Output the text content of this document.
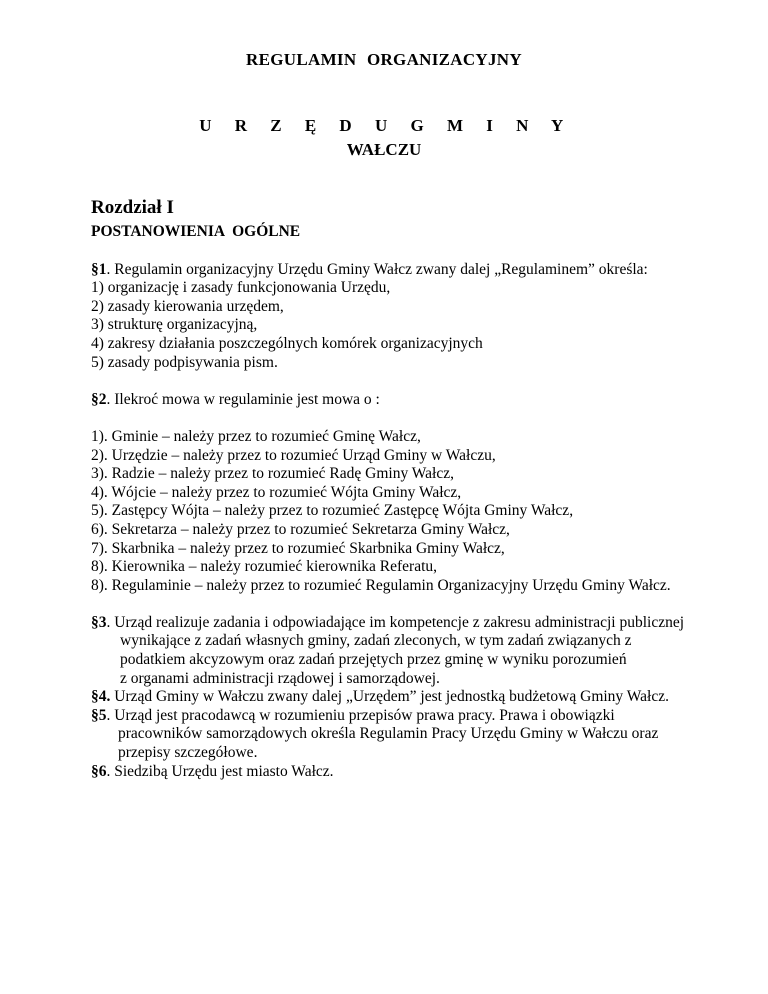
REGULAMIN ORGANIZACYJNY
U R Z Ę D U G M I N Y
WAŁCZU

Rozdział I

POSTANOWIENIA OGÓLNE

§1. Regulamin organizacyjny Urzędu Gminy Wałcz zwany dalej „Regulaminem” określa:

1) organizację i zasady funkcjonowania Urzędu,

2) zasady kierowania urzędem,

3) strukturę organizacyjną,

4) zakresy działania poszczególnych komórek organizacyjnych

5) zasady podpisywania pism.

§2. Ilekroć mowa w regulaminie jest mowa o :

1). Gminie – należy przez to rozumieć Gminę Wałcz,

2). Urzędzie – należy przez to rozumieć Urząd Gminy w Wałczu,

3). Radzie – należy przez to rozumieć Radę Gminy Wałcz,

4). Wójcie – należy przez to rozumieć Wójta Gminy Wałcz,

5). Zastępcy Wójta – należy przez to rozumieć Zastępcę Wójta Gminy Wałcz,

6). Sekretarza – należy przez to rozumieć Sekretarza Gminy Wałcz,

7). Skarbnika – należy przez to rozumieć Skarbnika Gminy Wałcz,

8). Kierownika – należy rozumieć kierownika Referatu,

8). Regulaminie – należy przez to rozumieć Regulamin Organizacyjny Urzędu Gminy Wałcz.

§3. Urząd realizuje zadania i odpowiadające im kompetencje z zakresu administracji publicznej wynikające z zadań własnych gminy, zadań zleconych, w tym zadań związanych z podatkiem akcyzowym oraz zadań przejętych przez gminę w wyniku porozumień

z organami administracji rządowej i samorządowej.

§4. Urząd Gminy w Wałczu zwany dalej „Urzędem” jest jednostką budżetową Gminy Wałcz.

§5. Urząd jest pracodawcą w rozumieniu przepisów prawa pracy. Prawa i obowiązki pracowników samorządowych określa Regulamin Pracy Urzędu Gminy w Wałczu oraz przepisy szczegółowe.

§6. Siedzibą Urzędu jest miasto Wałcz.
